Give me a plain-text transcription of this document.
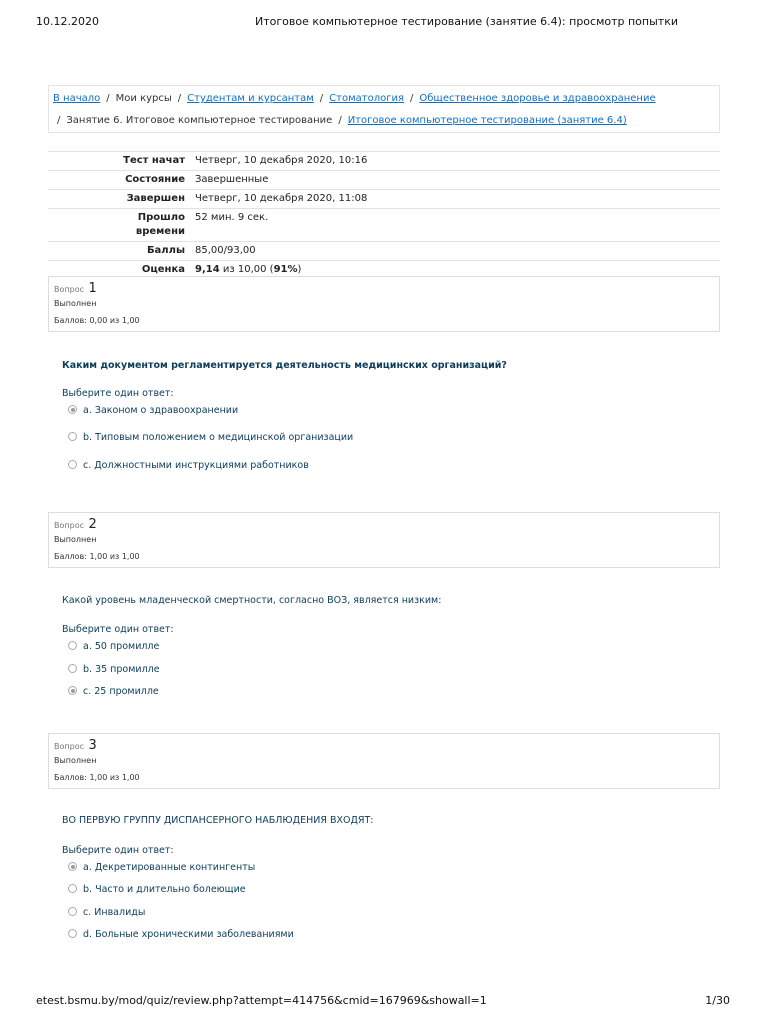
10.12.2020	Итоговое компьютерное тестирование (занятие 6.4): просмотр попытки
В начало / Мои курсы / Студентам и курсантам / Стоматология / Общественное здоровье и здравоохранение
/ Занятие 6. Итоговое компьютерное тестирование / Итоговое компьютерное тестирование (занятие 6.4)
Тест начат	Четверг, 10 декабря 2020, 10:16
Состояние	Завершенные
Завершен	Четверг, 10 декабря 2020, 11:08
Прошло времени	52 мин. 9 сек.
Баллы	85,00/93,00
Оценка	9,14 из 10,00 (91%)
Вопрос 1
Выполнен
Баллов: 0,00 из 1,00
Каким документом регламентируется деятельность медицинских организаций?
Выберите один ответ:
a. Законом о здравоохранении
b. Типовым положением о медицинской организации
c. Должностными инструкциями работников
Вопрос 2
Выполнен
Баллов: 1,00 из 1,00
Какой уровень младенческой смертности, согласно ВОЗ, является низким:
Выберите один ответ:
a. 50 промилле
b. 35 промилле
c. 25 промилле
Вопрос 3
Выполнен
Баллов: 1,00 из 1,00
ВО ПЕРВУЮ ГРУППУ ДИСПАНСЕРНОГО НАБЛЮДЕНИЯ ВХОДЯТ:
Выберите один ответ:
a. Декретированные контингенты
b. Часто и длительно болеющие
c. Инвалиды
d. Больные хроническими заболеваниями
etest.bsmu.by/mod/quiz/review.php?attempt=414756&cmid=167969&showall=1	1/30
